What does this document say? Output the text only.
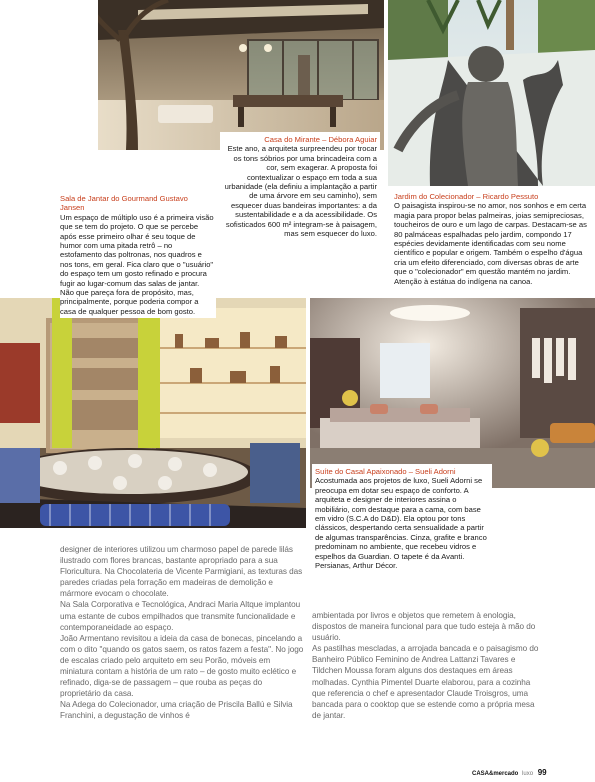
Casa do Mirante – Débora Aguiar
Este ano, a arquiteta surpreendeu por trocar os tons sóbrios por uma brincadeira com a cor, sem exagerar. A proposta foi contextualizar o espaço em toda a sua urbanidade (ela definiu a implantação a partir de uma árvore em seu caminho), sem esquecer duas bandeiras importantes: a da sustentabilidade e a da acessibilidade. Os sofisticados 600 m² integram-se à paisagem, mas sem esquecer do luxo.
Sala de Jantar do Gourmand Gustavo Jansen
Um espaço de múltiplo uso é a primeira visão que se tem do projeto. O que se percebe após esse primeiro olhar é seu toque de humor com uma pitada retrô – no estofamento das poltronas, nos quadros e nos tons, em geral. Fica claro que o "usuário" do espaço tem um gosto refinado e procura fugir ao lugar-comum das salas de jantar. Não que pareça fora de propósito, mas, principalmente, porque poderia compor a casa de qualquer pessoa de bom gosto.
Jardim do Colecionador – Ricardo Pessuto
O paisagista inspirou-se no amor, nos sonhos e em certa magia para propor belas palmeiras, joias semipreciosas, toucheiros de ouro e um lago de carpas. Destacam-se as 80 palmáceas espalhadas pelo jardim, compondo 17 espécies devidamente identificadas com seu nome científico e popular e origem. Também o espelho d'água cria um efeito diferenciado, com diversas obras de arte que o "colecionador" em questão mantém no jardim. Atenção à estátua do indígena na canoa.
Suíte do Casal Apaixonado – Sueli Adorni
Acostumada aos projetos de luxo, Sueli Adorni se preocupa em dotar seu espaço de conforto. A arquiteta e designer de interiores assina o mobiliário, com destaque para a cama, com base em vidro (S.C.A do D&D). Ela optou por tons clássicos, despertando certa sensualidade a partir de algumas transparências. Cinza, grafite e branco predominam no ambiente, que recebeu vidros e espelhos da Guardian. O tapete é da Avanti. Persianas, Arthur Décor.

designer de interiores utilizou um charmoso papel de parede lilás ilustrado com flores brancas, bastante apropriado para a sua Floricultura. Na Chocolateria de Vicente Parmigiani, as texturas das paredes criadas pela forração em madeiras de demolição e mármore evocam o chocolate.

Na Sala Corporativa e Tecnológica, Andraci Maria Altque implantou uma estante de cubos empilhados que transmite funcionalidade e contemporaneidade ao espaço.

João Armentano revisitou a ideia da casa de bonecas, pincelando a com o dito "quando os gatos saem, os ratos fazem a festa". No jogo de escalas criado pelo arquiteto em seu Porão, móveis em miniatura contam a história de um rato – de gosto muito eclético e refinado, diga-se de passagem – que rouba as peças do proprietário da casa.

Na Adega do Colecionador, uma criação de Priscila Ballú e Silvia Franchini, a degustação de vinhos é

ambientada por livros e objetos que remetem à enologia, dispostos de maneira funcional para que tudo esteja à mão do usuário.

As pastilhas mescladas, a arrojada bancada e o paisagismo do Banheiro Público Feminino de Andrea Lattanzi Tavares e Tildchen Moussa foram alguns dos destaques em áreas molhadas. Cynthia Pimentel Duarte elaborou, para a cozinha que referencia o chef e apresentador Claude Troisgros, uma bancada para o cooktop que se estende como a própria mesa de jantar.

CASA&mercado luxo 99
